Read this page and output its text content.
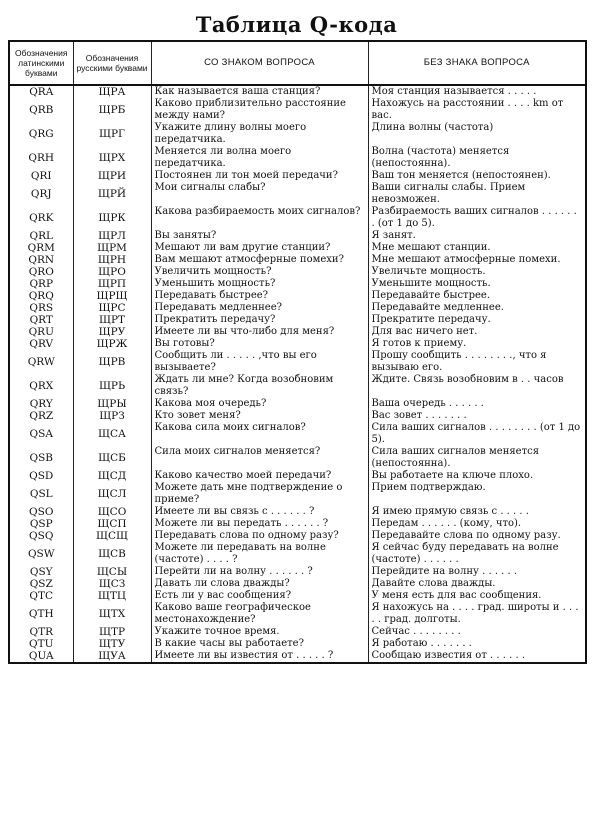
Таблица Q-кода
Обозначения латинскими буквами	Обозначения русскими буквами	СО ЗНАКОМ ВОПРОСА	БЕЗ ЗНАКА ВОПРОСА
QRA	ЩРА	Как называется ваша станция?	Моя станция называется . . . . .
QRB	ЩРБ	Каково приблизительно расстояние между нами?	Нахожусь на расстоянии . . . . km от вас.
QRG	ЩРГ	Укажите длину волны моего передатчика.	Длина волны (частота)
QRH	ЩРХ	Меняется ли волна моего передатчика.	Волна (частота) меняется (непостоянна).
QRI	ЩРИ	Постоянен ли тон моей передачи?	Ваш тон меняется (непостоянен).
QRJ	ЩРЙ	Мои сигналы слабы?	Ваши сигналы слабы. Прием невозможен.
QRK	ЩРК	Какова разбираемость моих сигналов?	Разбираемость ваших сигналов . . . . . . . (от 1 до 5).
QRL	ЩРЛ	Вы заняты?	Я занят.
QRM	ЩРМ	Мешают ли вам другие станции?	Мне мешают станции.
QRN	ЩРН	Вам мешают атмосферные помехи?	Мне мешают атмосферные помехи.
QRO	ЩРО	Увеличить мощность?	Увеличьте мощность.
QRP	ЩРП	Уменьшить мощность?	Уменьшите мощность.
QRQ	ЩРЩ	Передавать быстрее?	Передавайте быстрее.
QRS	ЩРС	Передавать медленнее?	Передавайте медленнее.
QRT	ЩРТ	Прекратить передачу?	Прекратите передачу.
QRU	ЩРУ	Имеете ли вы что-либо для меня?	Для вас ничего нет.
QRV	ЩРЖ	Вы готовы?	Я готов к приему.
QRW	ЩРВ	Сообщить ли . . . . . ,что вы его вызываете?	Прошу сообщить . . . . . . . ., что я вызываю его.
QRX	ЩРЬ	Ждать ли мне? Когда возобновим связь?	Ждите. Связь возобновим в . . часов
QRY	ЩРЫ	Какова моя очередь?	Ваша очередь . . . . . .
QRZ	ЩРЗ	Кто зовет меня?	Вас зовет . . . . . . .
QSA	ЩСА	Какова сила моих сигналов?	Сила ваших сигналов . . . . . . . . (от 1 до 5).
QSB	ЩСБ	Сила моих сигналов меняется?	Сила ваших сигналов меняется (непостоянна).
QSD	ЩСД	Каково качество моей передачи?	Вы работаете на ключе плохо.
QSL	ЩСЛ	Можете дать мне подтверждение о приеме?	Прием подтверждаю.
QSO	ЩСО	Имеете ли вы связь с . . . . . . ?	Я имею прямую связь с . . . . .
QSP	ЩСП	Можете ли вы передать . . . . . . ?	Передам . . . . . . (кому, что).
QSQ	ЩСЩ	Передавать слова по одному разу?	Передавайте слова по одному разу.
QSW	ЩСВ	Можете ли передавать на волне (частоте) . . . . ?	Я сейчас буду передавать на волне (частоте) . . . . . .
QSY	ЩСЫ	Перейти ли на волну . . . . . . ?	Перейдите на волну . . . . . .
QSZ	ЩСЗ	Давать ли слова дважды?	Давайте слова дважды.
QTC	ЩТЦ	Есть ли у вас сообщения?	У меня есть для вас сообщения.
QTH	ЩТХ	Каково ваше географическое местонахождение?	Я нахожусь на . . . . град. широты и . . . . . град. долготы.
QTR	ЩТР	Укажите точное время.	Сейчас . . . . . . . .
QTU	ЩТУ	В какие часы вы работаете?	Я работаю . . . . . . .
QUA	ЩУА	Имеете ли вы известия от . . . . . ?	Сообщаю известия от . . . . . .
